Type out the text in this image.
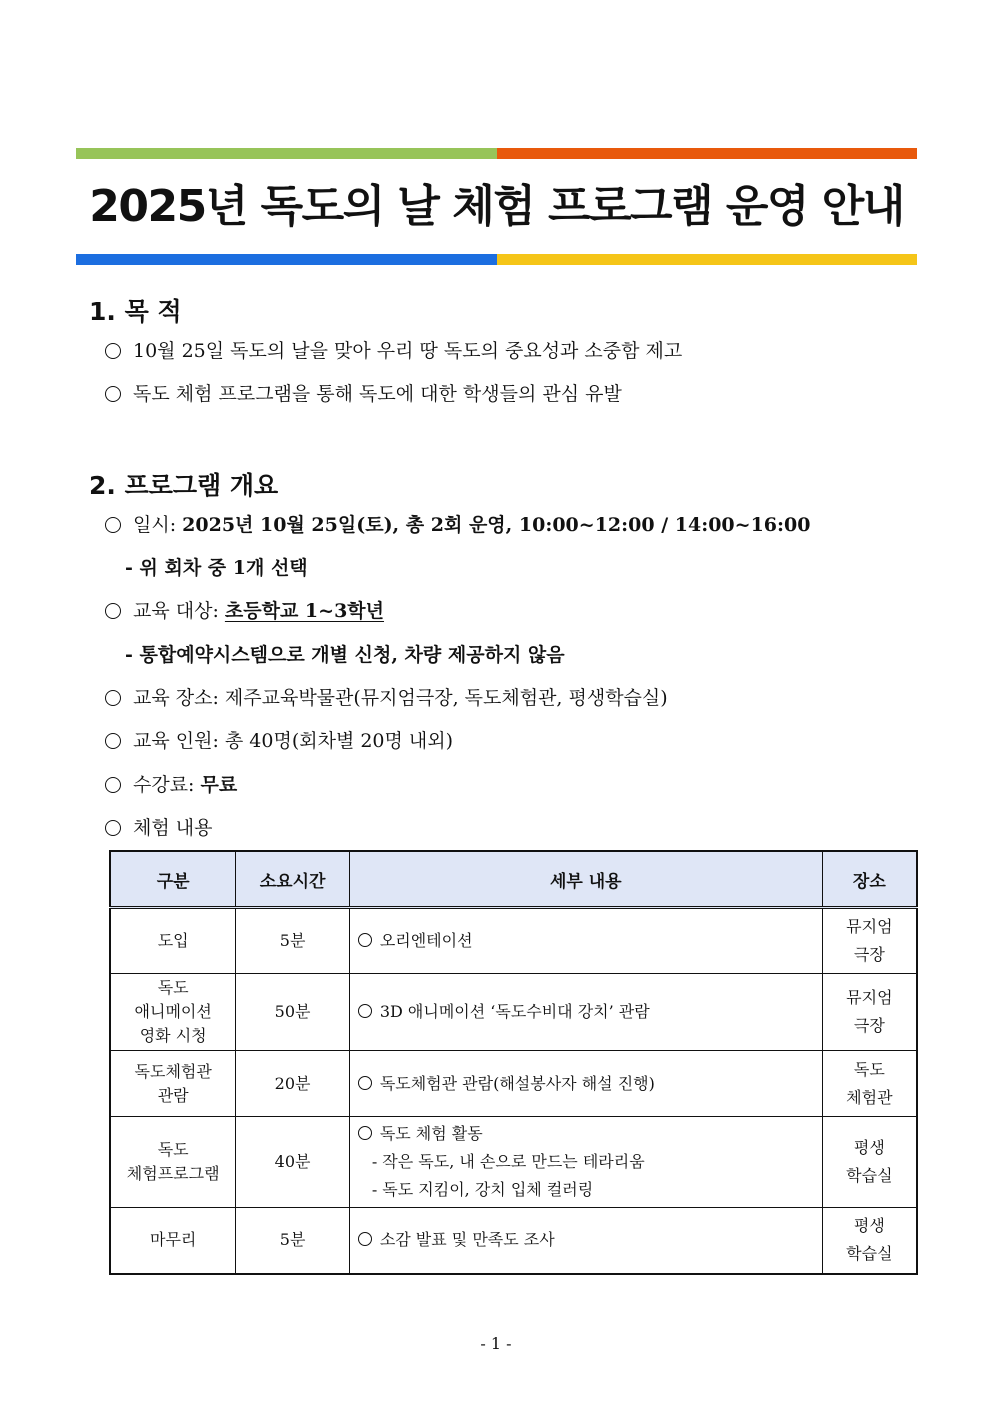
2025년 독도의 날 체험 프로그램 운영 안내
1. 목 적
10월 25일 독도의 날을 맞아 우리 땅 독도의 중요성과 소중함 제고
독도 체험 프로그램을 통해 독도에 대한 학생들의 관심 유발
2. 프로그램 개요
일시: 2025년 10월 25일(토), 총 2회 운영, 10:00~12:00 / 14:00~16:00
- 위 회차 중 1개 선택
교육 대상: 초등학교 1~3학년
- 통합예약시스템으로 개별 신청, 차량 제공하지 않음
교육 장소: 제주교육박물관(뮤지엄극장, 독도체험관, 평생학습실)
교육 인원: 총 40명(회차별 20명 내외)
수강료: 무료
체험 내용
구분	소요시간	세부 내용	장소

도입	5분	오리엔테이션	뮤지엄
극장

독도
애니메이션
영화 시청	50분	3D 애니메이션 ‘독도수비대 강치’ 관람	뮤지엄
극장

독도체험관
관람	20분	독도체험관 관람(해설봉사자 해설 진행)	독도
체험관

독도
체험프로그램	40분	독도 체험 활동
- 작은 독도, 내 손으로 만드는 테라리움
- 독도 지킴이, 강치 입체 컬러링	평생
학습실

마무리	5분	소감 발표 및 만족도 조사	평생
학습실
- 1 -
